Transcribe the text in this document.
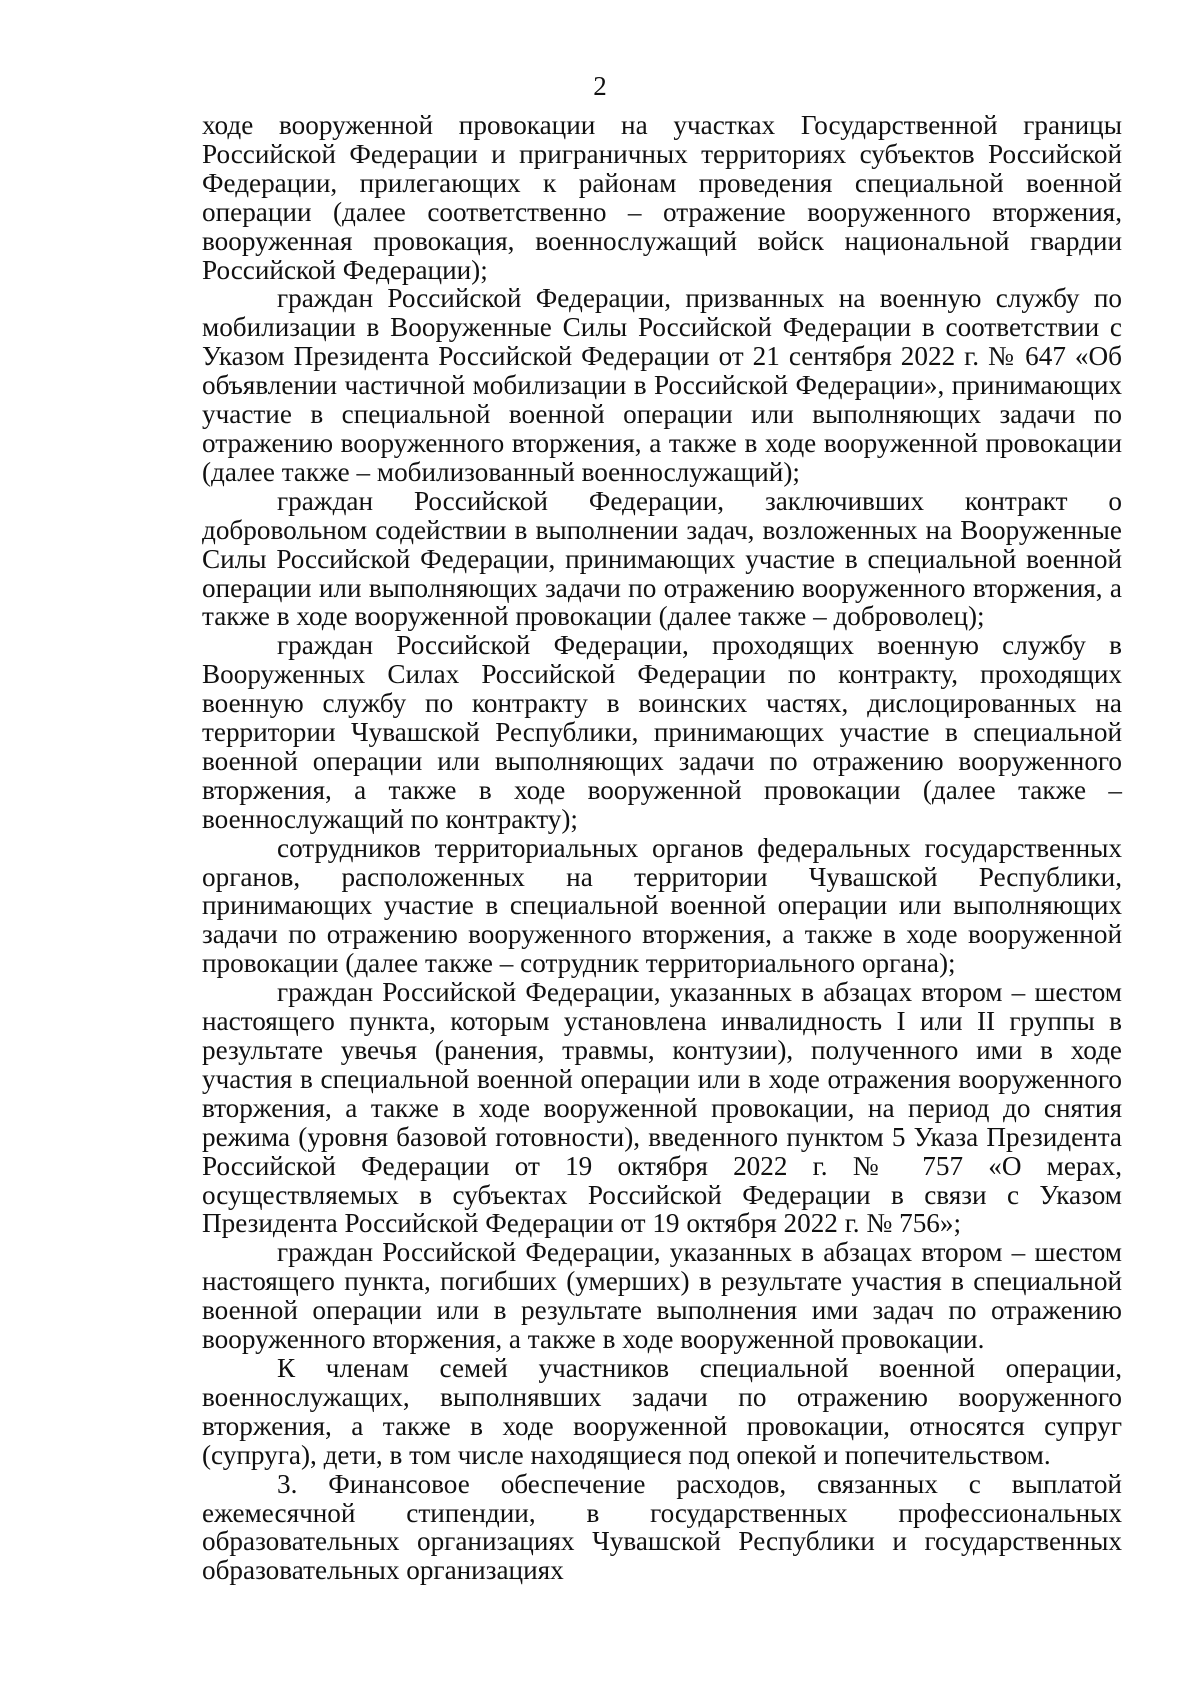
2

ходе вооруженной провокации на участках Государственной границы Российской Федерации и приграничных территориях субъектов Российской Федерации, прилегающих к районам проведения специальной военной операции (далее соответственно – отражение вооруженного вторжения, вооруженная провокация, военнослужащий войск национальной гвардии Российской Федерации);

граждан Российской Федерации, призванных на военную службу по мобилизации в Вооруженные Силы Российской Федерации в соответствии с Указом Президента Российской Федерации от 21 сентября 2022 г. № 647 «Об объявлении частичной мобилизации в Российской Федерации», принимающих участие в специальной военной операции или выполняющих задачи по отражению вооруженного вторжения, а также в ходе вооруженной провокации (далее также – мобилизованный военнослужащий);

граждан Российской Федерации, заключивших контракт о добровольном содействии в выполнении задач, возложенных на Вооруженные Силы Российской Федерации, принимающих участие в специальной военной операции или выполняющих задачи по отражению вооруженного вторжения, а также в ходе вооруженной провокации (далее также – доброволец);

граждан Российской Федерации, проходящих военную службу в Вооруженных Силах Российской Федерации по контракту, проходящих военную службу по контракту в воинских частях, дислоцированных на территории Чувашской Республики, принимающих участие в специальной военной операции или выполняющих задачи по отражению вооруженного вторжения, а также в ходе вооруженной провокации (далее также – военнослужащий по контракту);

сотрудников территориальных органов федеральных государственных органов, расположенных на территории Чувашской Республики, принимающих участие в специальной военной операции или выполняющих задачи по отражению вооруженного вторжения, а также в ходе вооруженной провокации (далее также – сотрудник территориального органа);

граждан Российской Федерации, указанных в абзацах втором – шестом настоящего пункта, которым установлена инвалидность I или II группы в результате увечья (ранения, травмы, контузии), полученного ими в ходе участия в специальной военной операции или в ходе отражения вооруженного вторжения, а также в ходе вооруженной провокации, на период до снятия режима (уровня базовой готовности), введенного пунктом 5 Указа Президента Российской Федерации от 19 октября 2022 г. № 757 «О мерах, осуществляемых в субъектах Российской Федерации в связи с Указом Президента Российской Федерации от 19 октября 2022 г. № 756»;

граждан Российской Федерации, указанных в абзацах втором – шестом настоящего пункта, погибших (умерших) в результате участия в специальной военной операции или в результате выполнения ими задач по отражению вооруженного вторжения, а также в ходе вооруженной провокации.

К членам семей участников специальной военной операции, военнослужащих, выполнявших задачи по отражению вооруженного вторжения, а также в ходе вооруженной провокации, относятся супруг (супруга), дети, в том числе находящиеся под опекой и попечительством.

3. Финансовое обеспечение расходов, связанных с выплатой ежемесячной стипендии, в государственных профессиональных образовательных организациях Чувашской Республики и государственных образовательных организациях
